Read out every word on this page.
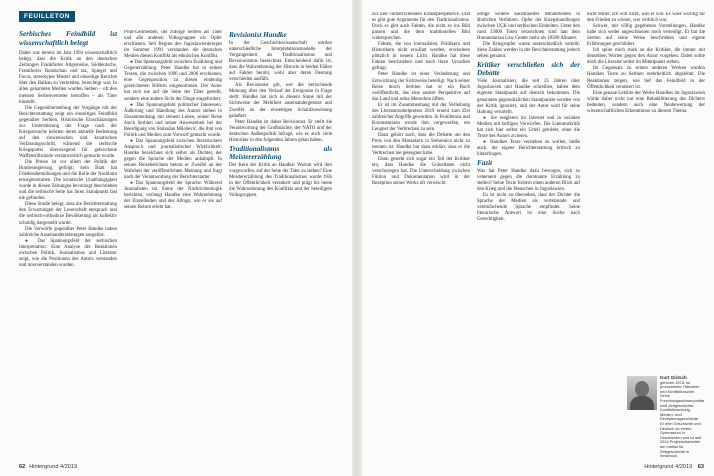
FEUILLETON
Serbisches Feindbild ist wissenschaftlich belegt

Daher war bereits im Jahr 1994 wissenschaftlich belegt, dass die Kritik an den deutschen Zeitungen Frankfurter Allgemeine, Süddeutsche, Frankfurter Rundschau und taz, Spiegel und Focus, stereotyper Muster und einseitige Berichte über den Balkan zu verbreiten, berechtigt war. In allen genannten Medien wurden Serben – oft den meisten Serbenvertreter betroffen – als Täter hinstellt.

Die Gegenüberstellung der Vorgänge mit der Berichterstattung zeigt ein einseitiges Feindbild gegenüber Serbien. Historische Einschätzungen zur Unterstützung der Frage nach der Kriegsursache kehrten deren aktuelle Bedeutung auf den slowenischen und kroatischen Verfassungsschritt, während die serbische Kriegspartei überwiegend für gebrochene Waffenstillstände verantwortlich gemacht wurde.

Die Presse ist vor allem der Politik der Bundesregierung gefolgt; kein Blatt hat Friedensbemühungen und die Rolle der Nachbarn ernstgenommen. Die kroatische Unabhängigkeit wurde in diesen Zeitungen bevorzugt beschrieben und die serbische Seite hat ihren Standpunkt fast nie gefunden.

Diese Studie belegt, dass die Berichterstattung den Erwartungen der Leserschaft entsprach und die serbisch-orthodoxe Bevölkerung als kollektiv schuldig dargestellt wurde.

Die Vorwürfe gegenüber Peter Handke haben zahlreiche Auseinandersetzungen ausgelöst.

● Das Spannungsfeld der serbischen Interpretation: Eine Analyse der Reaktionen zwischen Politik, Journalismus und Literatur zeigt, wie die Positionen des Autors verstanden und missverstanden wurden.

Print-Leitmedien, der zufolge Serben als Täter und alle anderen Volksgruppen als Opfer erschienen. Seit Beginn des Jugoslawienkrieges im Sommer 1991 verstanden die deutschen Medien diesen Konflikt als ethnischen Konflikt.

● Das Spannungsfeld zwischen Erzählung und Gegenerzählung: Peter Handke hat in seinen Texten, die zwischen 1996 und 2006 erschienen, eine Gegenposition zu diesen eindeutig gezeichneten Bildern eingenommen. Der Autor hat sich nie auf die Seite der Täter gestellt, sondern eine andere Sicht der Dinge eingefordert.

● Das Spannungsfeld politischer Interessen: Äußerung und Handlung des Autors stehen in Zusammenhang mit seinem Leben, seiner Reise durch Serbien und seiner Anwesenheit bei der Beerdigung von Slobodan Milošević, die ihm von Politik und Medien zum Vorwurf gemacht wurde.

● Das Spannungsfeld zwischen literarischem Anspruch und journalistischer Wirklichkeit: Handke bezeichnet sich selbst als Dichter, der gegen die Sprache der Medien ankämpft. In seinen Reiseberichten betont er Zweifel an der Wahrheit der veröffentlichten Meinung und fragt nach der Verantwortung der Berichterstatter.

● Das Spannungsfeld der Sprache: Während Journalisten im Sinne der Nachrichtenlogik berichten, verlangt Handke eine Wahrnehmung der Einzelheiten und des Alltags, wie er sie auf seinen Reisen erlebt hat.

Revisionist Handke

In der Geschichtswissenschaft werden unterschiedliche Interpretationsmodelle der Vergangenheit als Traditionalismus und Revisionismus bezeichnet. Entscheidend dafür ist, dass die Wahrnehmung der Historie in beiden Fällen auf Fakten beruht, wohl aber deren Deutung verschieden ausfällt.

Als Revisionist gilt, wer die herrschende Meinung über den Verlauf der Ereignisse in Frage stellt. Handke hat sich in diesem Sinne mit der Sichtweise der Mehrheit auseinandergesetzt und Zweifel an der einseitigen Schuldzuweisung geäußert.

Peter Handke ist daher Revisionist. Er stellt die Verantwortung der Großmächte, der NATO und der deutschen Außenpolitik infrage, wie es auch viele Historiker in den folgenden Jahren getan haben.

Traditionalismus als Meistererzählung

Der Kern der Kritik an Handke: Warum wird ihm vorgeworfen, auf der Seite der Täter zu stehen? Eine Meistererzählung des Traditionalismus wurde früh in der Öffentlichkeit verankert und prägt bis heute die Wahrnehmung des Konflikts und der beteiligten Volksgruppen.

62 Hintergrund 4/2019

zur Zeit vorherrschenden Erzählperspektive. Und es gibt gute Argumente für den Traditionalismus. Doch es gibt auch Fakten, die nicht so ins Bild passen und die dem traditionellen Bild widersprechen.

Fakten, die von Journalisten, Politikern und Historikern nicht erwähnt werden, erscheinen plötzlich in neuem Licht. Handke hat diese Fakten beschrieben und nach ihren Ursachen gefragt.

Peter Handke ist einer Veränderung und Entwicklung der Sichtweise beteiligt. Nach seiner Reise durch Serbien hat er ein Buch veröffentlicht, das eine andere Perspektive auf das Land und seine Menschen öffnet.

Er ist im Zusammenhang mit der Verleihung des Literaturnobelpreises 2019 erneut zum Ziel zahlreicher Angriffe geworden. In Feuilletons und Kommentaren wurde ihm vorgeworfen, ein Leugner der Verbrechen zu sein.

Dazu gehört auch, dass die Debatte um den Preis von den Massakern in Srebrenica nicht zu trennen ist. Handke hat dazu erklärt, dass er die Verbrechen nie geleugnet habe.

Dann gesteht sich sogar ein Teil der Kritiker ein, dass Handke die Gräueltaten nicht verschwiegen hat. Die Unterscheidung zwischen Fiktion und Dokumentation wird in der Rezeption seines Werks oft verwischt.

übrige weitere konstruierter Minderheiten in ähnlichen Verfahren. Opfer der Kriegshandlungen zwischen UÇK und serbischen Einheiten. Unter den rund 13000 Toten verzeichnen sind laut dem Humanitarian Law Center mehr als 10500 Albaner.

Die Kriegsopfer waren unterschiedlich verteilt; diese Zahlen werden in der Berichterstattung jedoch selten genannt.

Kritiker verschließen sich der Debatte

Viele Journalisten, die seit 25 Jahren über Jugoslawien und Handke schreiben, haben dem eigenen Standpunkt auf deutsch bekommen. Die genannten gegensätzlichen Standpunkte werden von der Kritik ignoriert, und der Autor wird für seine Haltung verurteilt.

● Sie reagieren im Internet und in sozialen Medien mit heftigen Vorwürfen. Die Literaturkritik hat sich hier selbst ein Urteil gebildet, ohne die Texte des Autors zu lesen.

● Handkes Texte verstehen zu wollen, hieße auch, die eigene Berichterstattung kritisch zu hinterfragen.

Fazit

Was hat Peter Handke dazu bewogen, sich so vehement gegen die dominante Erzählung zu stellen? Seine Texte fordern einen anderen Blick auf den Krieg und die Menschen in Jugoslawien.

Es ist nicht zu übersehen, dass der Dichter die Sprache der Medien als verletzende und vereinfachende Sprache empfindet. Seine literarische Antwort ist eine Suche nach Gerechtigkeit.

nicht Hitler. Ich will nicht, was er war. Es wäre wichtig für den Frieden zu wissen, wer wirklich war.

Schwer, mit völlig gegebenen Vorstellungen, Handke habe sich weder angeschlossen noch verteidigt. Er hat die Serben auf seine Weise beschrieben und eigene Erfahrungen geschildert.

Ich spüre mich stark an die Kritiker, die immer mit denselben Worten gegen den Autor vorgehen. Dabei sollte doch die Literatur selbst im Mittelpunkt stehen.

Im Gegensatz zu seinen anderen Werken wurden Handkes Texte zu Serbien mehrheitlich abgelehnt. Die Reaktionen zeigen, wie tief das Feindbild in der Öffentlichkeit verankert ist.

Eine genaue Lektüre der Werke Handkes im Jugoslawien würde daher nicht nur eine Rehabilitierung des Dichters bedeuten, sondern auch eine Neubewertung der wissenschaftlichen Erkenntnisse zu diesem Thema.

Kurt Gritsch
geboren 1976, ist promovierter Historiker und Konfliktforscher. Seine Forschungsschwerpunkte sind Zeitgeschichte, Konfliktforschung, Medien- und Rezeptionsgeschichte. Er lehrt Geschichte und Deutsch an einem Gymnasium in Graubünden und ist seit 2014 Projektmitarbeiter am Institut für Zeitgeschichte in Innsbruck.
Hintergrund 4/2019 63
